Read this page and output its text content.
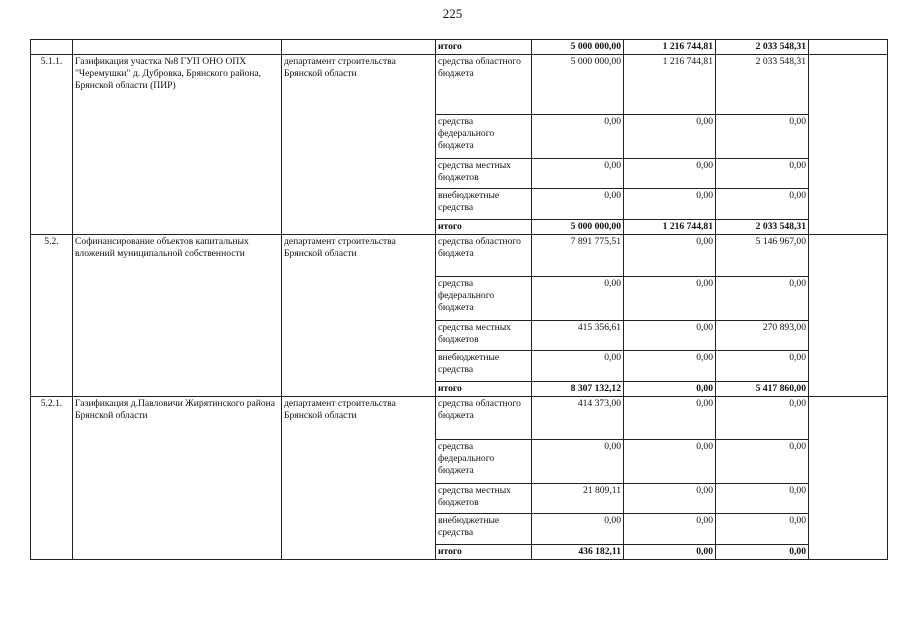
225
			итого	5 000 000,00	1 216 744,81	2 033 548,31	
5.1.1.	Газификация участка №8 ГУП ОНО ОПХ "Черемушки" д. Дубровка, Брянского района, Брянской области (ПИР)	департамент строительства Брянской области	средства областного бюджета	5 000 000,00	1 216 744,81	2 033 548,31	
			средства федерального бюджета	0,00	0,00	0,00	
			средства местных бюджетов	0,00	0,00	0,00	
			внебюджетные средства	0,00	0,00	0,00	
			итого	5 000 000,00	1 216 744,81	2 033 548,31	
5.2.	Софинансирование объектов капитальных вложений муниципальной собственности	департамент строительства Брянской области	средства областного бюджета	7 891 775,51	0,00	5 146 967,00	
			средства федерального бюджета	0,00	0,00	0,00	
			средства местных бюджетов	415 356,61	0,00	270 893,00	
			внебюджетные средства	0,00	0,00	0,00	
			итого	8 307 132,12	0,00	5 417 860,00	
5.2.1.	Газификация д.Павловичи Жирятинского района Брянской области	департамент строительства Брянской области	средства областного бюджета	414 373,00	0,00	0,00	
			средства федерального бюджета	0,00	0,00	0,00	
			средства местных бюджетов	21 809,11	0,00	0,00	
			внебюджетные средства	0,00	0,00	0,00	
			итого	436 182,11	0,00	0,00	
